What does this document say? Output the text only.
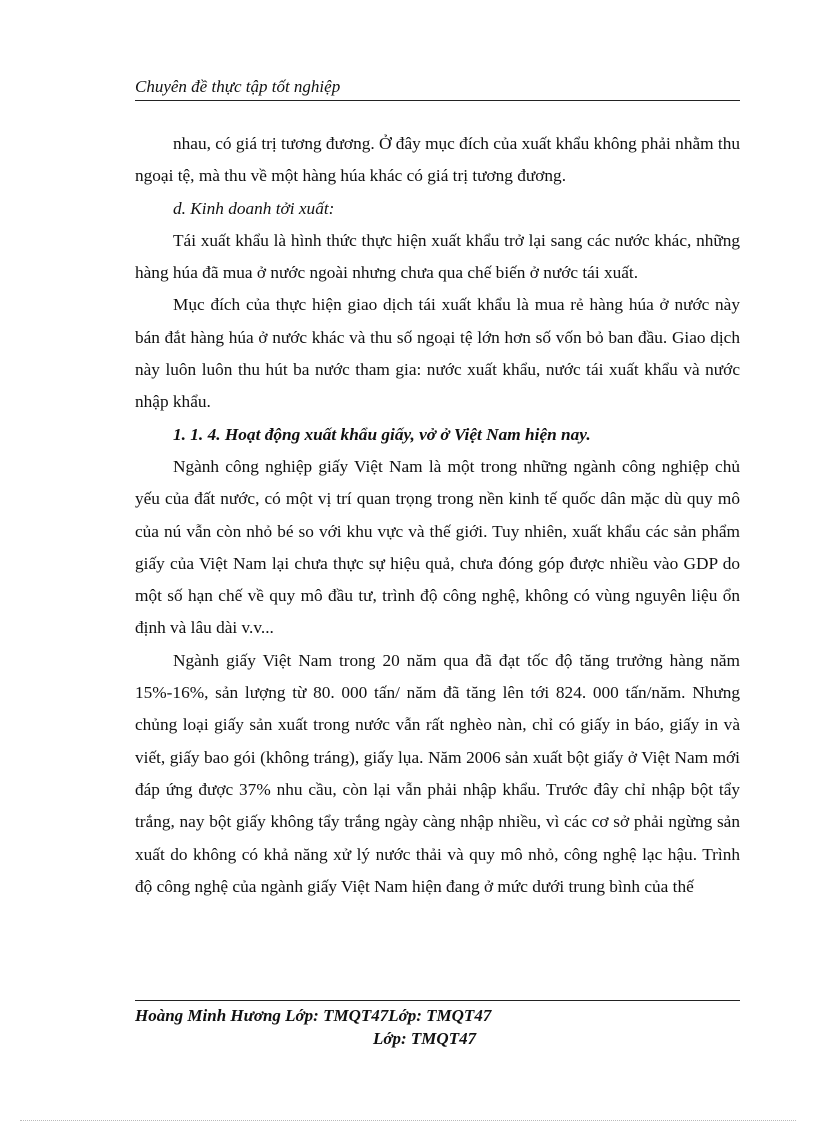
Chuyên đề thực tập tốt nghiệp

nhau, có giá trị tương đương. Ở đây mục đích của xuất khẩu không phải nhằm thu ngoại tệ, mà thu về một hàng húa khác có giá trị tương đương.

d. Kinh doanh tởi xuất:

Tái xuất khẩu là hình thức thực hiện xuất khẩu trở lại sang các nước khác, những hàng húa đã mua ở nước ngoài nhưng chưa qua chế biến ở nước tái xuất.

Mục đích của thực hiện giao dịch tái xuất khẩu là mua rẻ hàng húa ở nước này bán đắt hàng húa ở nước khác và thu số ngoại tệ lớn hơn số vốn bỏ ban đầu. Giao dịch này luôn luôn thu hút ba nước tham gia: nước xuất khẩu, nước tái xuất khẩu và nước nhập khẩu.

1. 1. 4. Hoạt động xuất khẩu giấy, vở ở Việt Nam hiện nay.

Ngành công nghiệp giấy Việt Nam là một trong những ngành công nghiệp chủ yếu của đất nước, có một vị trí quan trọng trong nền kinh tế quốc dân mặc dù quy mô của nú vẫn còn nhỏ bé so với khu vực và thế giới. Tuy nhiên, xuất khẩu các sản phẩm giấy của Việt Nam lại chưa thực sự hiệu quả, chưa đóng góp được nhiều vào GDP do một số hạn chế về quy mô đầu tư, trình độ công nghệ, không có vùng nguyên liệu ổn định và lâu dài v.v...

Ngành giấy Việt Nam trong 20 năm qua đã đạt tốc độ tăng trưởng hàng năm 15%-16%, sản lượng từ 80. 000 tấn/ năm đã tăng lên tới 824. 000 tấn/năm. Nhưng chủng loại giấy sản xuất trong nước vẫn rất nghèo nàn, chỉ có giấy in báo, giấy in và viết, giấy bao gói (không tráng), giấy lụa. Năm 2006 sản xuất bột giấy ở Việt Nam mới đáp ứng được 37% nhu cầu, còn lại vẫn phải nhập khẩu. Trước đây chỉ nhập bột tẩy trắng, nay bột giấy không tẩy trắng ngày càng nhập nhiều, vì các cơ sở phải ngừng sản xuất do không có khả năng xử lý nước thải và quy mô nhỏ, công nghệ lạc hậu. Trình độ công nghệ của ngành giấy Việt Nam hiện đang ở mức dưới trung bình của thế

Hoàng Minh Hương Lớp: TMQT47Lớp: TMQT47
Lớp: TMQT47
